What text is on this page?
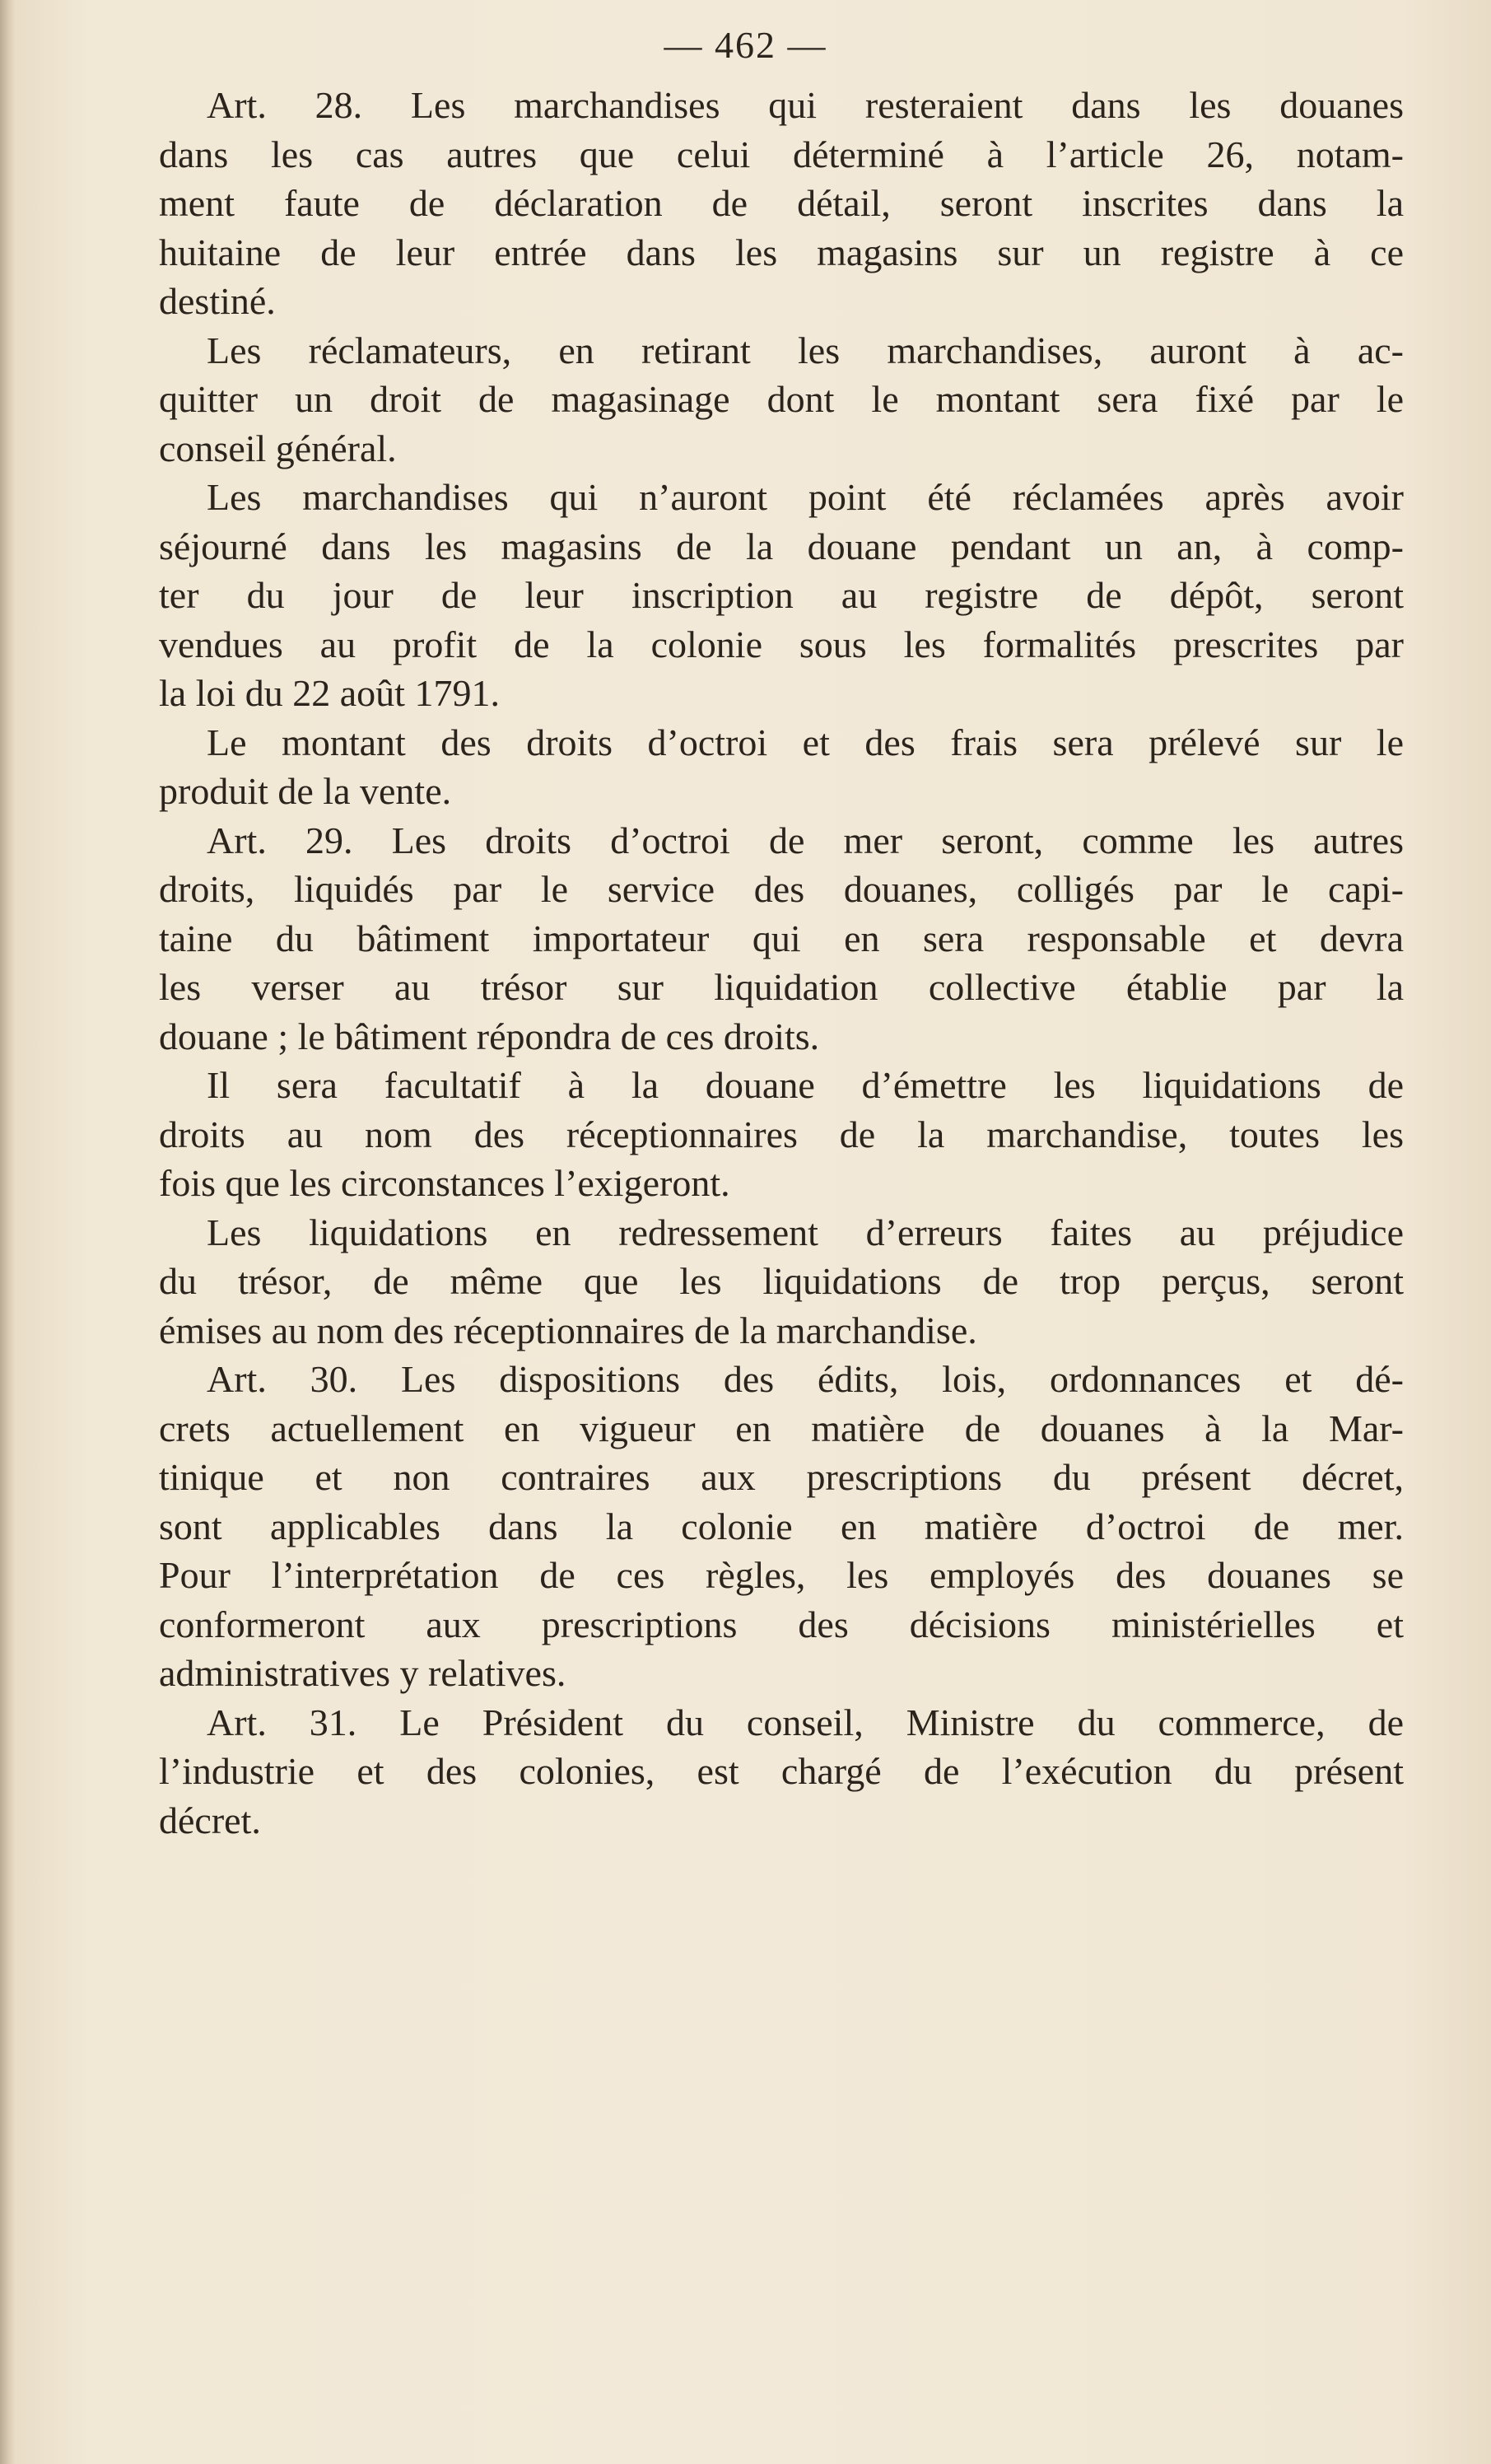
— 462 —
Art. 28. Les marchandises qui resteraient dans les douanes
dans les cas autres que celui déterminé à l’article 26, notam-
ment faute de déclaration de détail, seront inscrites dans la
huitaine de leur entrée dans les magasins sur un registre à ce
destiné.
Les réclamateurs, en retirant les marchandises, auront à ac-
quitter un droit de magasinage dont le montant sera fixé par le
conseil général.
Les marchandises qui n’auront point été réclamées après avoir
séjourné dans les magasins de la douane pendant un an, à comp-
ter du jour de leur inscription au registre de dépôt, seront
vendues au profit de la colonie sous les formalités prescrites par
la loi du 22 août 1791.
Le montant des droits d’octroi et des frais sera prélevé sur le
produit de la vente.
Art. 29. Les droits d’octroi de mer seront, comme les autres
droits, liquidés par le service des douanes, colligés par le capi-
taine du bâtiment importateur qui en sera responsable et devra
les verser au trésor sur liquidation collective établie par la
douane ; le bâtiment répondra de ces droits.
Il sera facultatif à la douane d’émettre les liquidations de
droits au nom des réceptionnaires de la marchandise, toutes les
fois que les circonstances l’exigeront.
Les liquidations en redressement d’erreurs faites au préjudice
du trésor, de même que les liquidations de trop perçus, seront
émises au nom des réceptionnaires de la marchandise.
Art. 30. Les dispositions des édits, lois, ordonnances et dé-
crets actuellement en vigueur en matière de douanes à la Mar-
tinique et non contraires aux prescriptions du présent décret,
sont applicables dans la colonie en matière d’octroi de mer.
Pour l’interprétation de ces règles, les employés des douanes se
conformeront aux prescriptions des décisions ministérielles et
administratives y relatives.
Art. 31. Le Président du conseil, Ministre du commerce, de
l’industrie et des colonies, est chargé de l’exécution du présent
décret.
